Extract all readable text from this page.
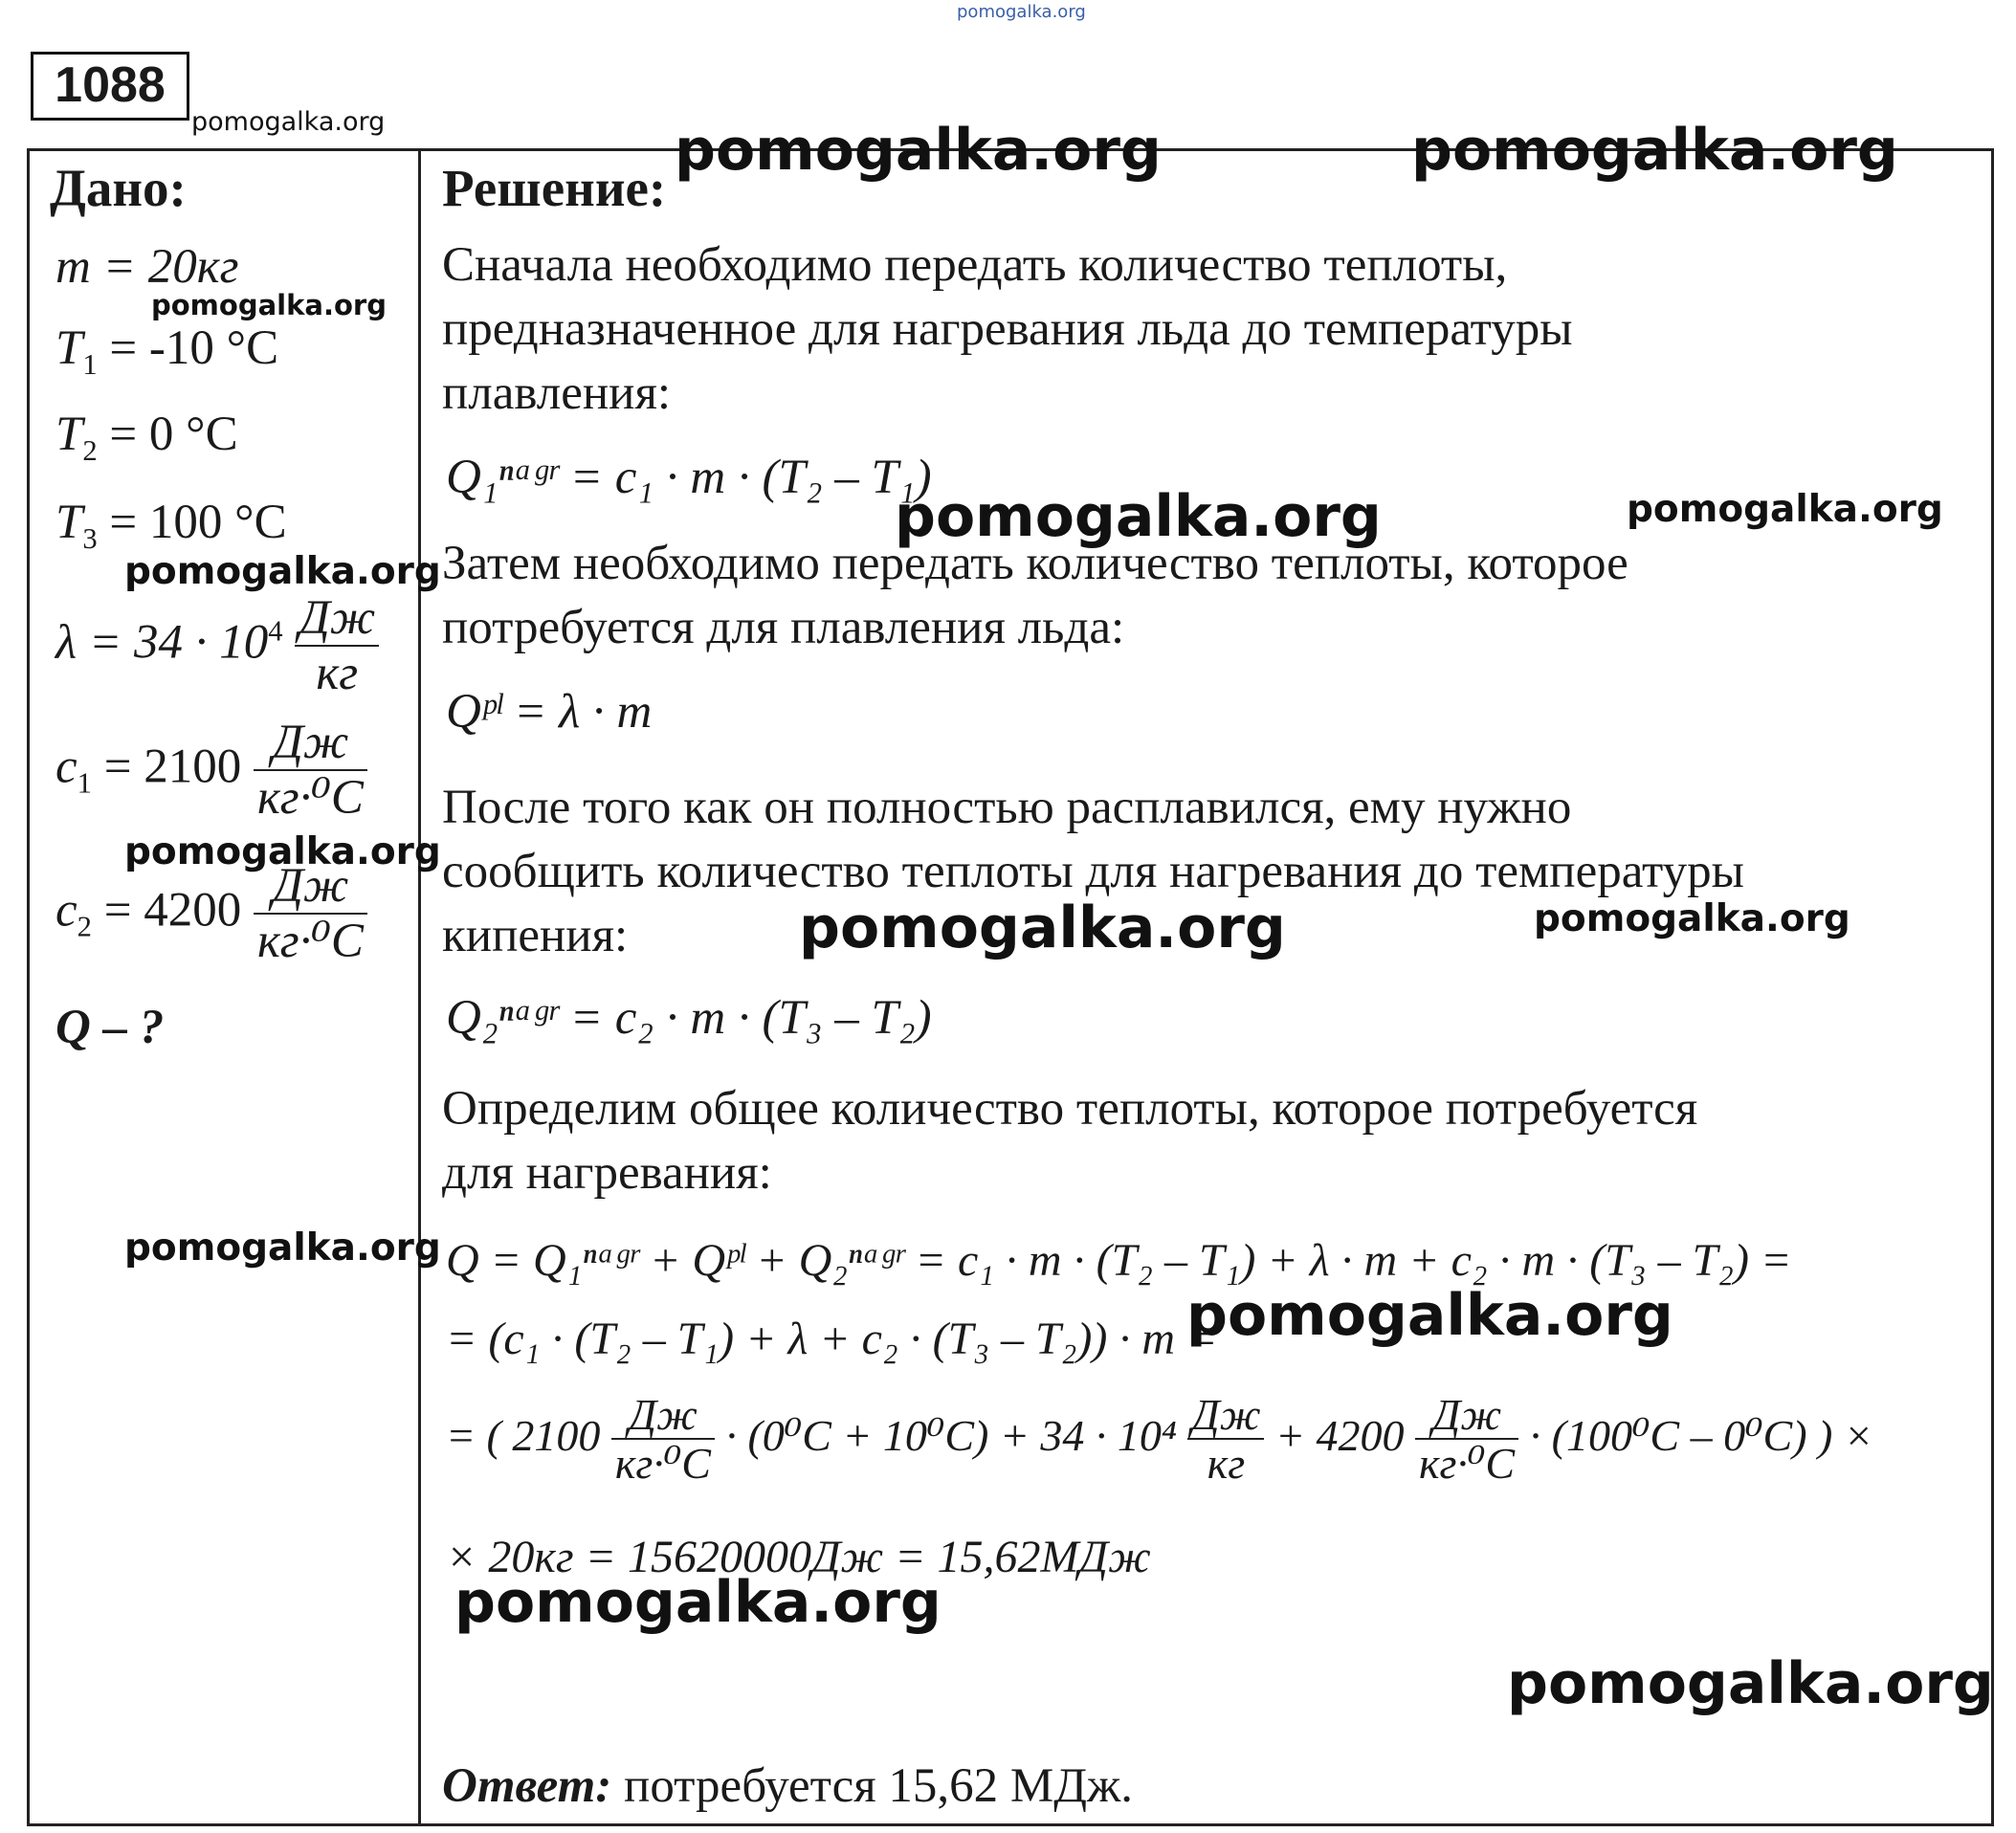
pomogalka.org
1088
pomogalka.org
Дано:
m = 20кг
$T_1 = -10$ °C
$T_2 = 0$ °C
$T_3 = 100$ °C
$\lambda = 34 \cdot 10^4 \frac{Дж}{кг}$
$c_1 = 2100 \frac{Дж}{\text{кг·⁰C}}$
$c_2 = 4200 \frac{Дж}{\text{кг·⁰C}}$
Q – ?
Решение:
Сначала необходимо передать количество теплоты,
предназначенное для нагревания льда до температуры
плавления:
Q₁ⁿᵃᵍʳ = c₁ · m · (T₂ – T₁)
Затем необходимо передать количество теплоты, которое
потребуется для плавления льда:
Qᵖˡ = λ · m
После того как он полностью расплавился, ему нужно
сообщить количество теплоты для нагревания до температуры
кипения:
Q₂ⁿᵃᵍʳ = c₂ · m · (T₃ – T₂)
Определим общее количество теплоты, которое потребуется
для нагревания:
Q = Q₁ⁿᵃᵍʳ + Qᵖˡ + Q₂ⁿᵃᵍʳ = c₁ · m · (T₂ – T₁) + λ · m + c₂ · m · (T₃ – T₂) =
= (c₁ · (T₂ – T₁) + λ + c₂ · (T₃ – T₂)) · m =
= ( $2100 \frac{Дж}{\text{кг·⁰C}} \cdot (0^0C + 10^0C) + 34 \cdot 10^4 \frac{Дж}{кг} + 4200 \frac{Дж}{\text{кг·⁰C}} \cdot (100^0C - 0^0C)$ ) ×
× 20кг = 15620000Дж = 15,62МДж
Ответ: потребуется 15,62 МДж.
pomogalka.org	pomogalka.org
pomogalka.org
pomogalka.org	pomogalka.org
pomogalka.org
pomogalka.org
pomogalka.org	pomogalka.org
pomogalka.org
pomogalka.org
pomogalka.org
pomogalka.org
